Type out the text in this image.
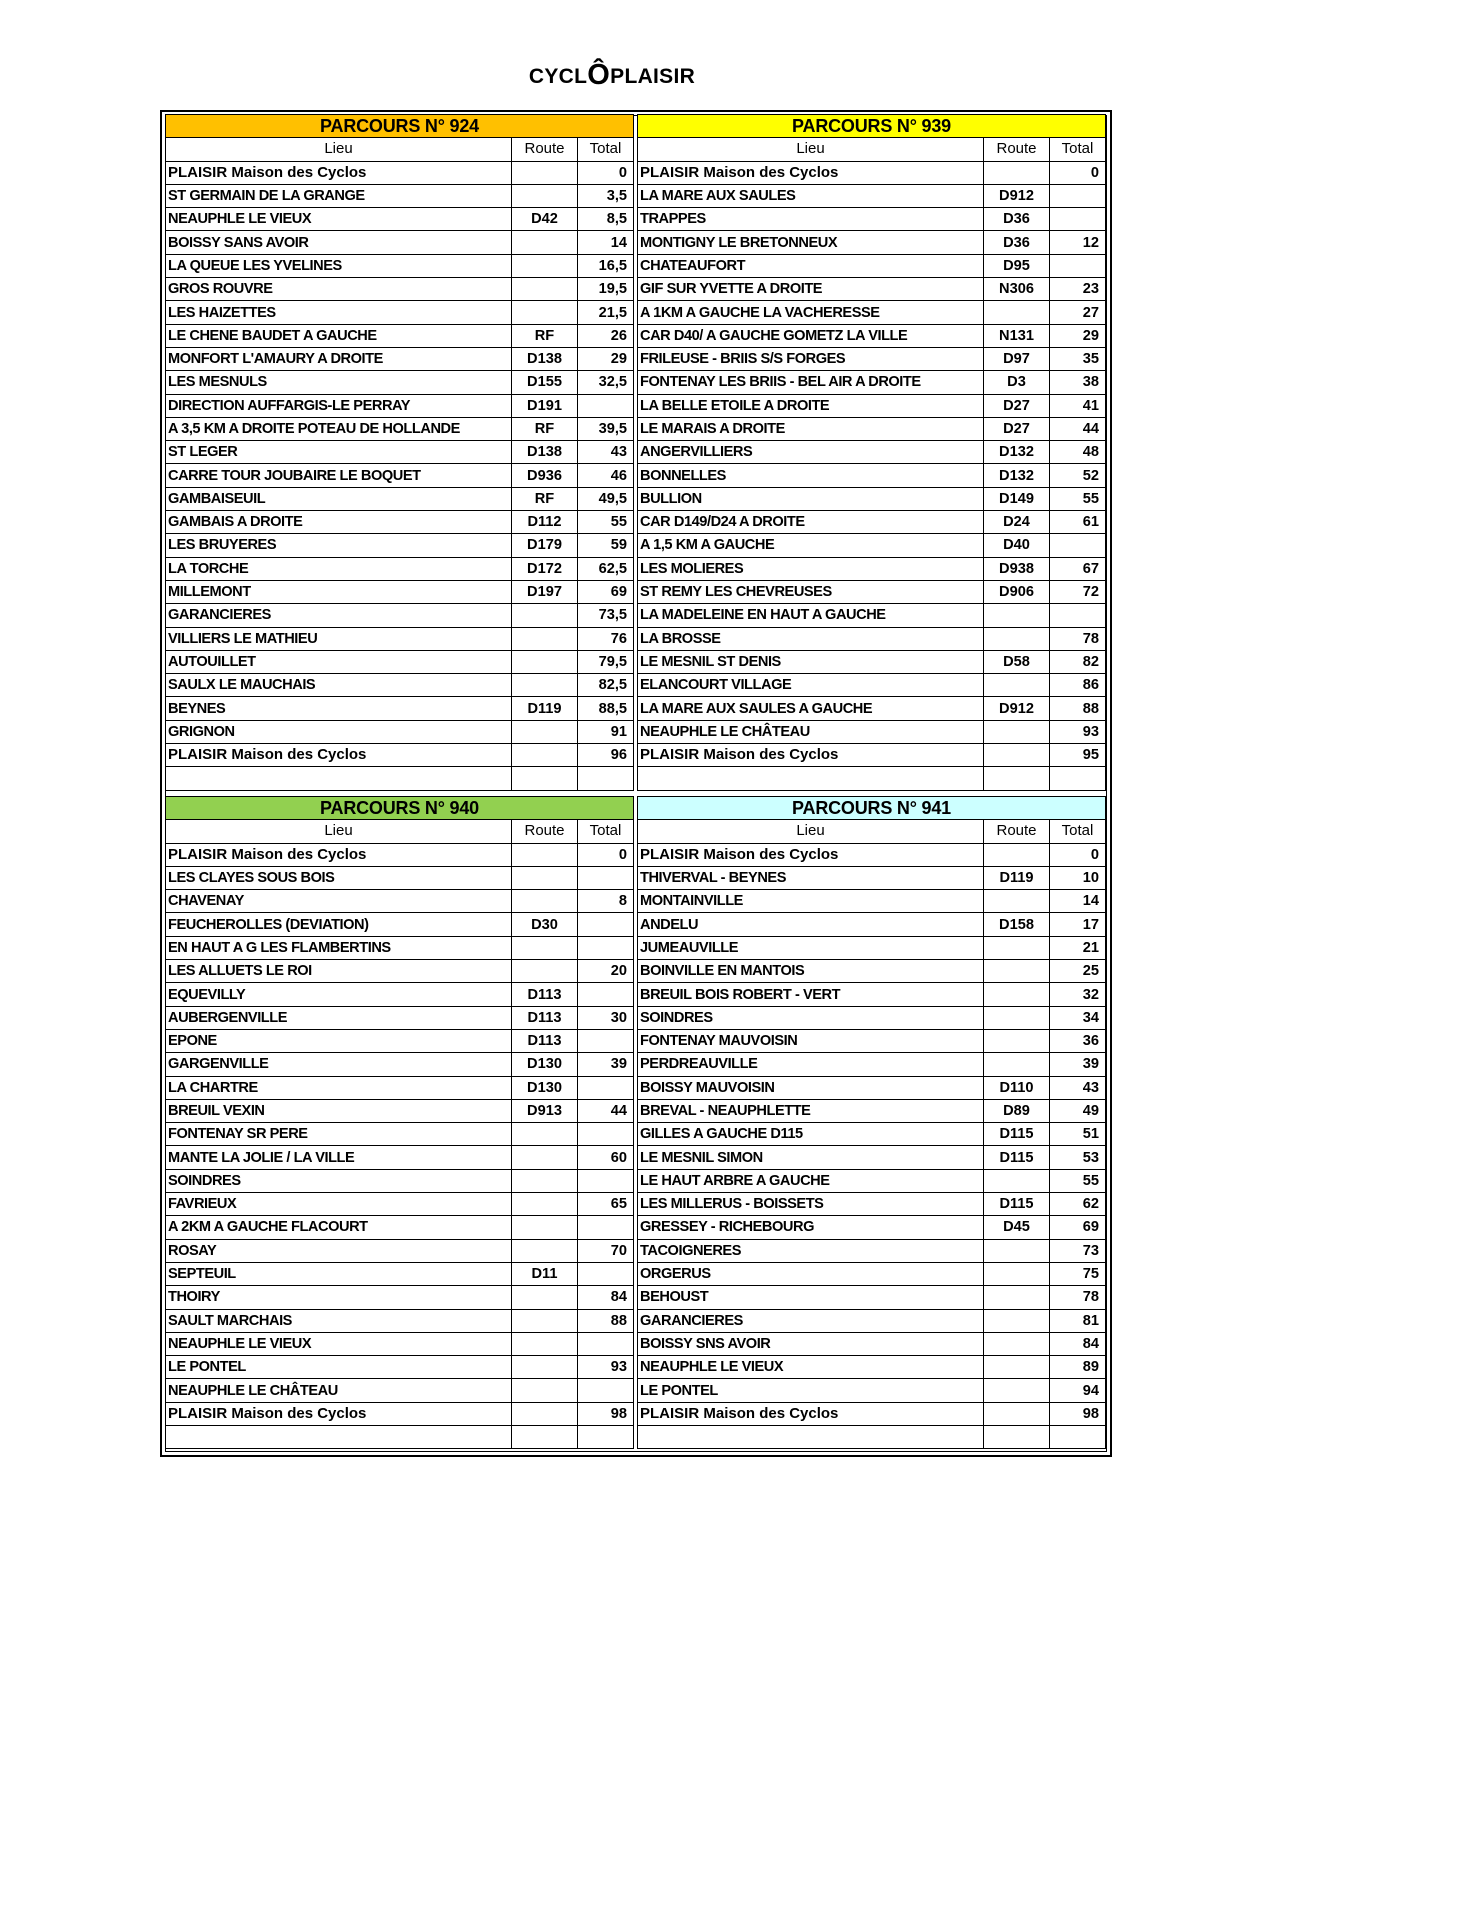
CYCLÔPLAISIR
PARCOURS N° 924		
Lieu	Route	Total
PLAISIR Maison des Cyclos		0
ST GERMAIN DE LA GRANGE		3,5
NEAUPHLE LE VIEUX	D42	8,5
BOISSY SANS AVOIR		14
LA QUEUE LES YVELINES		16,5
GROS ROUVRE		19,5
LES HAIZETTES		21,5
LE CHENE BAUDET A GAUCHE	RF	26
MONFORT L'AMAURY A DROITE	D138	29
LES MESNULS	D155	32,5
DIRECTION AUFFARGIS-LE PERRAY	D191	
A 3,5 KM A DROITE POTEAU DE HOLLANDE	RF	39,5
ST LEGER	D138	43
CARRE TOUR JOUBAIRE LE BOQUET	D936	46
GAMBAISEUIL	RF	49,5
GAMBAIS A DROITE	D112	55
LES BRUYERES	D179	59
LA TORCHE	D172	62,5
MILLEMONT	D197	69
GARANCIERES		73,5
VILLIERS LE MATHIEU		76
AUTOUILLET		79,5
SAULX LE MAUCHAIS		82,5
BEYNES	D119	88,5
GRIGNON		91
PLAISIR Maison des Cyclos		96

PARCOURS N° 939		
Lieu	Route	Total
PLAISIR Maison des Cyclos		0
LA MARE AUX SAULES	D912	
TRAPPES	D36	
MONTIGNY LE BRETONNEUX	D36	12
CHATEAUFORT	D95	
GIF SUR YVETTE A DROITE	N306	23
A 1KM A GAUCHE LA VACHERESSE		27
CAR D40/ A GAUCHE GOMETZ LA VILLE	N131	29
FRILEUSE - BRIIS S/S FORGES	D97	35
FONTENAY LES BRIIS - BEL AIR A DROITE	D3	38
LA BELLE ETOILE A DROITE	D27	41
LE MARAIS A DROITE	D27	44
ANGERVILLIERS	D132	48
BONNELLES	D132	52
BULLION	D149	55
CAR D149/D24 A DROITE	D24	61
A 1,5 KM A GAUCHE	D40	
LES MOLIERES	D938	67
ST REMY LES CHEVREUSES	D906	72
LA MADELEINE EN HAUT A GAUCHE		
LA BROSSE		78
LE MESNIL ST DENIS	D58	82
ELANCOURT VILLAGE		86
LA MARE AUX SAULES A GAUCHE	D912	88
NEAUPHLE LE CHÂTEAU		93
PLAISIR Maison des Cyclos		95

PARCOURS N° 940		
Lieu	Route	Total
PLAISIR Maison des Cyclos		0
LES CLAYES SOUS BOIS		
CHAVENAY		8
FEUCHEROLLES (DEVIATION)	D30	
EN HAUT A G LES FLAMBERTINS		
LES ALLUETS LE ROI		20
EQUEVILLY	D113	
AUBERGENVILLE	D113	30
EPONE	D113	
GARGENVILLE	D130	39
LA CHARTRE	D130	
BREUIL VEXIN	D913	44
FONTENAY SR PERE		
MANTE LA JOLIE / LA VILLE		60
SOINDRES		
FAVRIEUX		65
A 2KM A GAUCHE FLACOURT		
ROSAY		70
SEPTEUIL	D11	
THOIRY		84
SAULT MARCHAIS		88
NEAUPHLE LE VIEUX		
LE PONTEL		93
NEAUPHLE LE CHÂTEAU		
PLAISIR Maison des Cyclos		98

PARCOURS N° 941		
Lieu	Route	Total
PLAISIR Maison des Cyclos		0
THIVERVAL - BEYNES	D119	10
MONTAINVILLE		14
ANDELU	D158	17
JUMEAUVILLE		21
BOINVILLE EN MANTOIS		25
BREUIL BOIS ROBERT - VERT		32
SOINDRES		34
FONTENAY MAUVOISIN		36
PERDREAUVILLE		39
BOISSY MAUVOISIN	D110	43
BREVAL - NEAUPHLETTE	D89	49
GILLES A GAUCHE D115	D115	51
LE MESNIL SIMON	D115	53
LE HAUT ARBRE A GAUCHE		55
LES MILLERUS - BOISSETS	D115	62
GRESSEY - RICHEBOURG	D45	69
TACOIGNERES		73
ORGERUS		75
BEHOUST		78
GARANCIERES		81
BOISSY SNS AVOIR		84
NEAUPHLE LE VIEUX		89
LE PONTEL		94
PLAISIR Maison des Cyclos		98
